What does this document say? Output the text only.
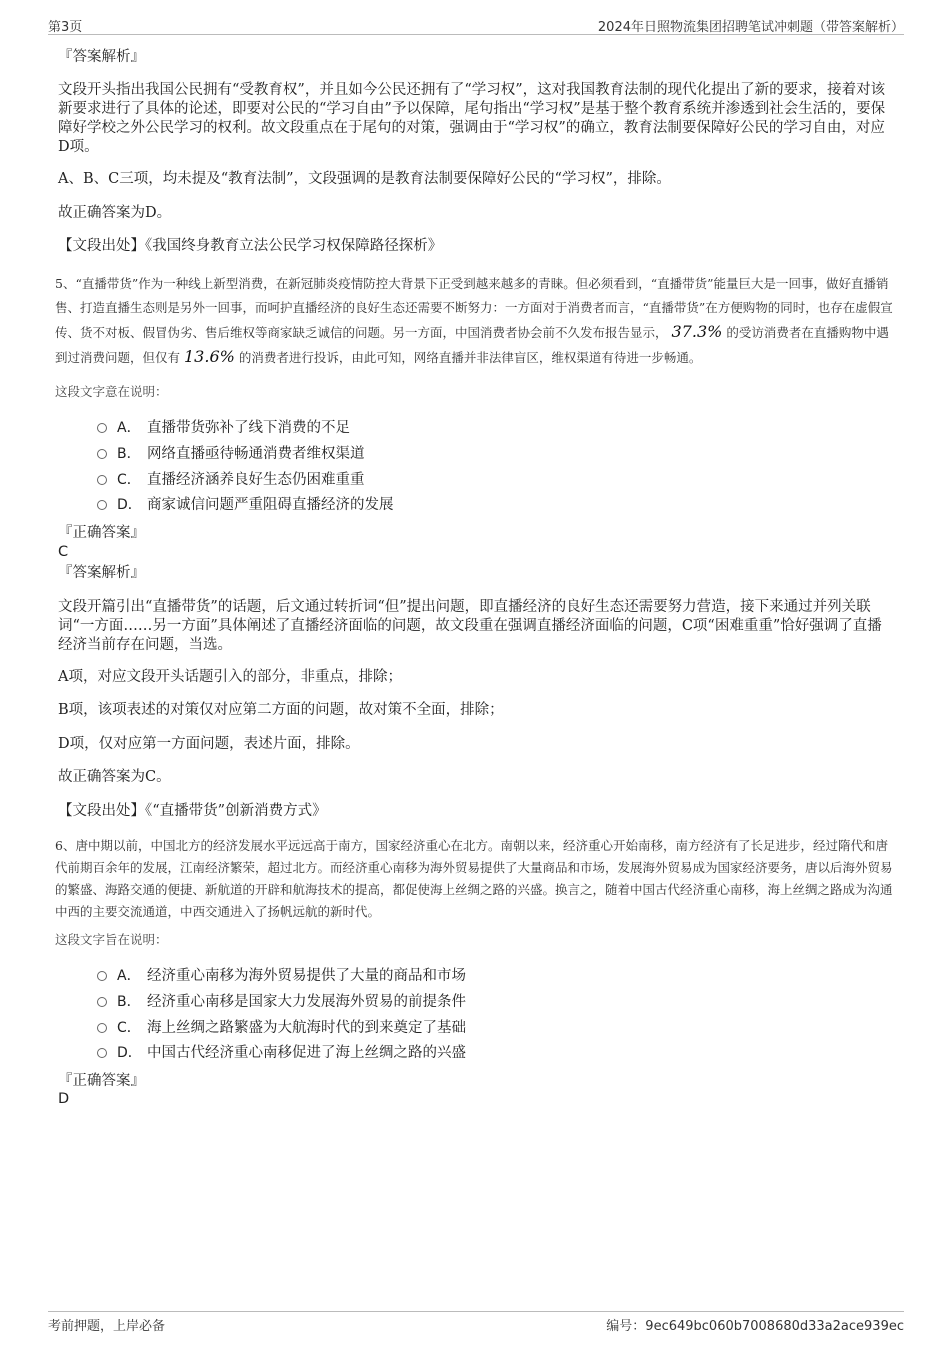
第3页	2024年日照物流集团招聘笔试冲刺题（带答案解析）
『答案解析』
文段开头指出我国公民拥有“受教育权”，并且如今公民还拥有了“学习权”，这对我国教育法制的现代化提出了新的要求，接着对该新要求进行了具体的论述，即要对公民的“学习自由”予以保障，尾句指出“学习权”是基于整个教育系统并渗透到社会生活的，要保障好学校之外公民学习的权利。故文段重点在于尾句的对策，强调由于“学习权”的确立，教育法制要保障好公民的学习自由，对应D项。
A、B、C三项，均未提及“教育法制”，文段强调的是教育法制要保障好公民的“学习权”，排除。
故正确答案为D。
【文段出处】《我国终身教育立法公民学习权保障路径探析》
5、“直播带货”作为一种线上新型消费，在新冠肺炎疫情防控大背景下正受到越来越多的青睐。但必须看到，“直播带货”能量巨大是一回事，做好直播销售、打造直播生态则是另外一回事，而呵护直播经济的良好生态还需要不断努力：一方面对于消费者而言，“直播带货”在方便购物的同时，也存在虚假宣传、货不对板、假冒伪劣、售后维权等商家缺乏诚信的问题。另一方面，中国消费者协会前不久发布报告显示， 37.3% 的受访消费者在直播购物中遇到过消费问题，但仅有 13.6% 的消费者进行投诉，由此可知，网络直播并非法律盲区，维权渠道有待进一步畅通。
这段文字意在说明：
A． 直播带货弥补了线下消费的不足
B． 网络直播亟待畅通消费者维权渠道
C． 直播经济涵养良好生态仍困难重重
D． 商家诚信问题严重阻碍直播经济的发展
『正确答案』
C
『答案解析』
文段开篇引出“直播带货”的话题，后文通过转折词“但”提出问题，即直播经济的良好生态还需要努力营造，接下来通过并列关联词“一方面……另一方面”具体阐述了直播经济面临的问题，故文段重在强调直播经济面临的问题，C项“困难重重”恰好强调了直播经济当前存在问题，当选。
A项，对应文段开头话题引入的部分，非重点，排除；
B项，该项表述的对策仅对应第二方面的问题，故对策不全面，排除；
D项，仅对应第一方面问题，表述片面，排除。
故正确答案为C。
【文段出处】《“直播带货”创新消费方式》
6、唐中期以前，中国北方的经济发展水平远远高于南方，国家经济重心在北方。南朝以来，经济重心开始南移，南方经济有了长足进步，经过隋代和唐代前期百余年的发展，江南经济繁荣，超过北方。而经济重心南移为海外贸易提供了大量商品和市场，发展海外贸易成为国家经济要务，唐以后海外贸易的繁盛、海路交通的便捷、新航道的开辟和航海技术的提高，都促使海上丝绸之路的兴盛。换言之，随着中国古代经济重心南移，海上丝绸之路成为沟通中西的主要交流通道，中西交通进入了扬帆远航的新时代。
这段文字旨在说明：
A． 经济重心南移为海外贸易提供了大量的商品和市场
B． 经济重心南移是国家大力发展海外贸易的前提条件
C． 海上丝绸之路繁盛为大航海时代的到来奠定了基础
D． 中国古代经济重心南移促进了海上丝绸之路的兴盛
『正确答案』
D
考前押题，上岸必备	编号：9ec649bc060b7008680d33a2ace939ec
